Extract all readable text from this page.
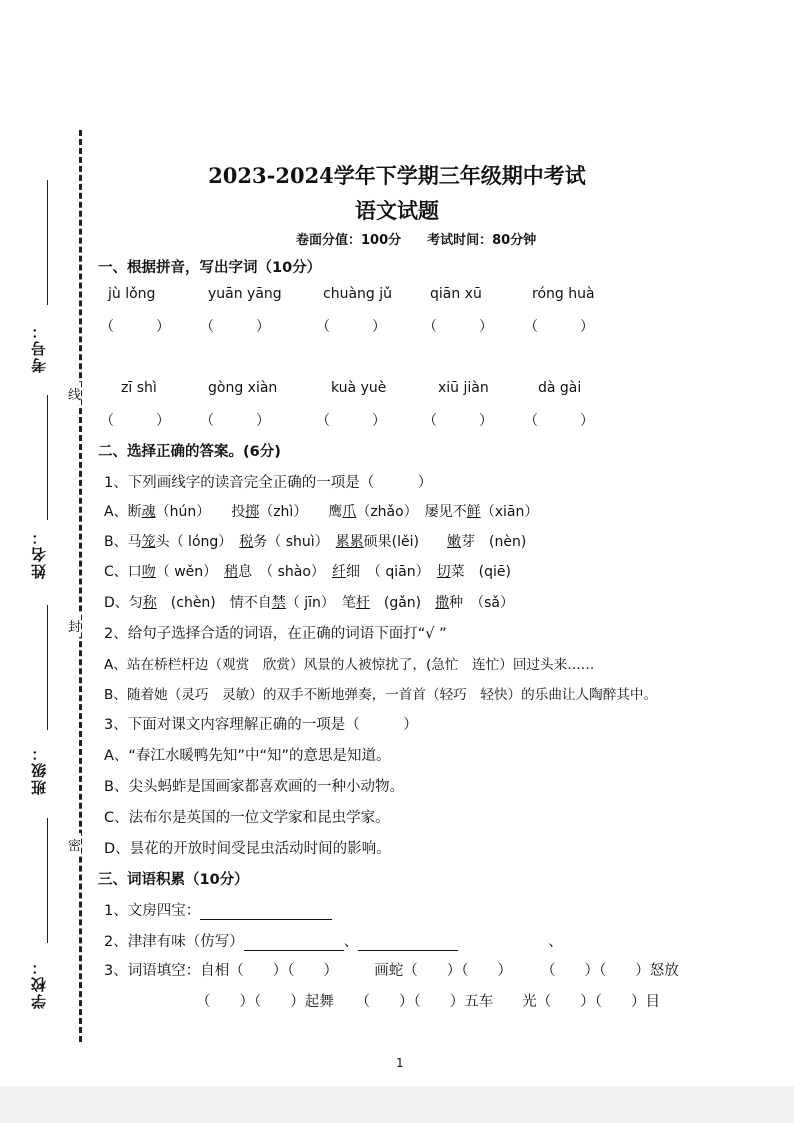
线
封
密
考号：
姓名：
班级：
学校：
2023-2024学年下学期三年级期中考试
语文试题
卷面分值：100分　　考试时间：80分钟
一、根据拼音，写出字词（10分）
jù lǒng	yuān yāng	chuàng jǔ	qiān xū	róng huà
（　　　） （　　　）	（　　　）	（　　　） （　　　）
zī shì	gòng xiàn	kuà yuè	xiū jiàn	dà gài
（　　　） （　　　）	（　　　）	（　　　） （　　　）
二、选择正确的答案。(6分)
1、下列画线字的读音完全正确的一项是（　　　）
A、断魂（hún）　　投掷（zhì）　　鹰爪（zhǎo）　屡见不鲜（xiān）
B、马笼头（ lóng）　税务（ shuì）　累累硕果(lěi)　　嫩芽　(nèn)
C、口吻（ wěn）　稍息　（ shào）　纤细　（ qiān）　切菜　(qiē)
D、匀称　(chèn)　情不自禁（ jīn）　笔杆　(gǎn)　撒种　（sǎ）
2、给句子选择合适的词语，在正确的词语下面打“√ ”
A、站在桥栏杆边（观赏　欣赏）风景的人被惊扰了，(急忙　连忙）回过头来……
B、随着她（灵巧　灵敏）的双手不断地弹奏，一首首（轻巧　轻快）的乐曲让人陶醉其中。
3、下面对课文内容理解正确的一项是（　　　）
A、“春江水暖鸭先知”中“知”的意思是知道。
B、尖头蚂蚱是国画家都喜欢画的一种小动物。
C、法布尔是英国的一位文学家和昆虫学家。
D、昙花的开放时间受昆虫活动时间的影响。
三、词语积累（10分）
1、文房四宝：
2、津津有味（仿写）	、	、
3、词语填空：自相（　　）（　　）　　　画蛇（　　）（　　）　　　（　　）（　　）怒放
（　　）（　　）起舞　　（　　）（　　）五车　　光（　　）（　　）目
1
